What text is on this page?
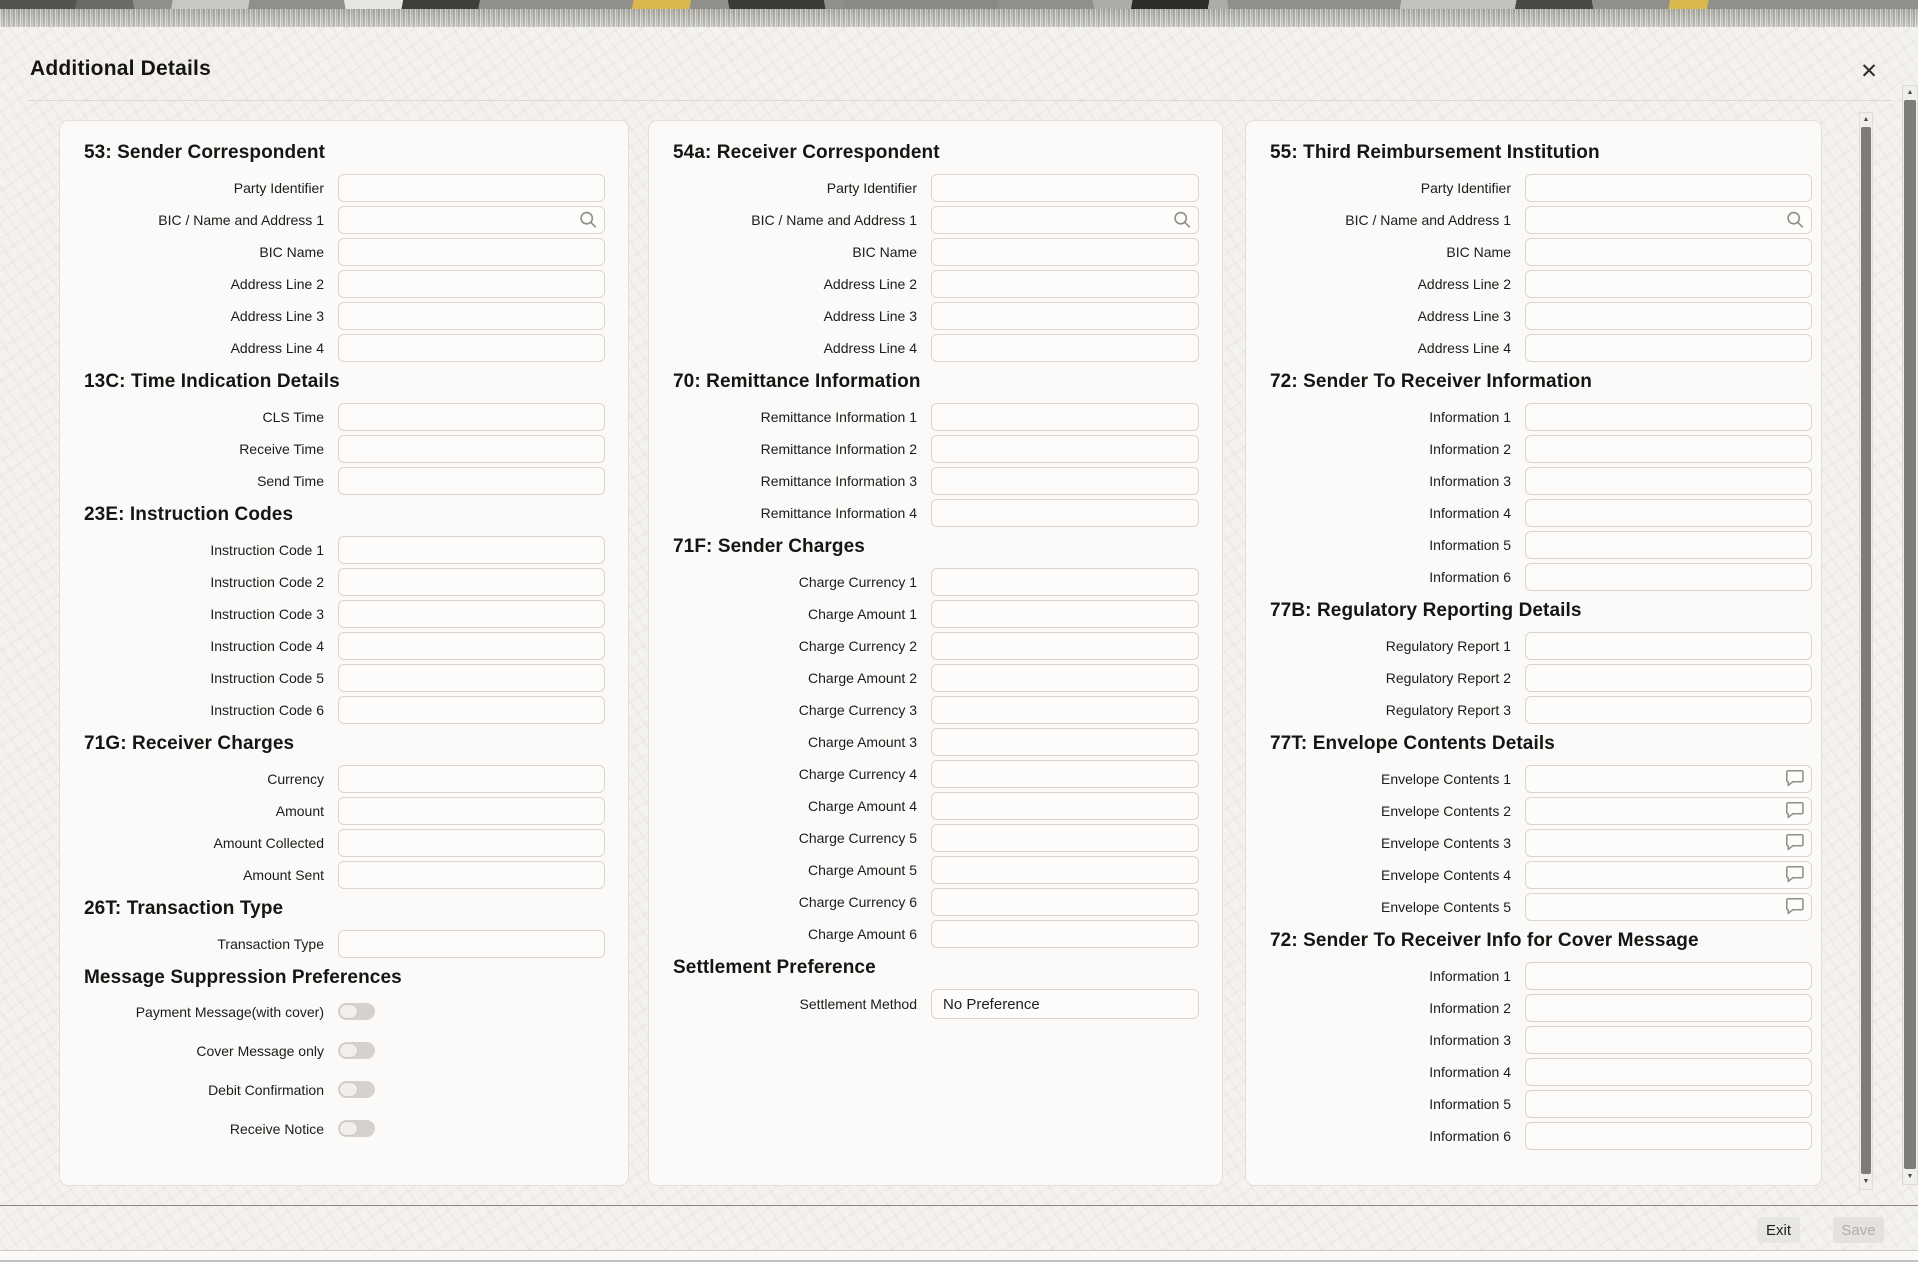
Additional Details	✕
53: Sender Correspondent
Party Identifier
BIC / Name and Address 1
BIC Name
Address Line 2
Address Line 3
Address Line 4
13C: Time Indication Details
CLS Time
Receive Time
Send Time
23E: Instruction Codes
Instruction Code 1
Instruction Code 2
Instruction Code 3
Instruction Code 4
Instruction Code 5
Instruction Code 6
71G: Receiver Charges
Currency
Amount
Amount Collected
Amount Sent
26T: Transaction Type
Transaction Type
Message Suppression Preferences
Payment Message(with cover)
Cover Message only
Debit Confirmation
Receive Notice
54a: Receiver Correspondent
Party Identifier
BIC / Name and Address 1
BIC Name
Address Line 2
Address Line 3
Address Line 4
70: Remittance Information
Remittance Information 1
Remittance Information 2
Remittance Information 3
Remittance Information 4
71F: Sender Charges
Charge Currency 1
Charge Amount 1
Charge Currency 2
Charge Amount 2
Charge Currency 3
Charge Amount 3
Charge Currency 4
Charge Amount 4
Charge Currency 5
Charge Amount 5
Charge Currency 6
Charge Amount 6
Settlement Preference
Settlement Method	No Preference
55: Third Reimbursement Institution
Party Identifier
BIC / Name and Address 1
BIC Name
Address Line 2
Address Line 3
Address Line 4
72: Sender To Receiver Information
Information 1
Information 2
Information 3
Information 4
Information 5
Information 6
77B: Regulatory Reporting Details
Regulatory Report 1
Regulatory Report 2
Regulatory Report 3
77T: Envelope Contents Details
Envelope Contents 1
Envelope Contents 2
Envelope Contents 3
Envelope Contents 4
Envelope Contents 5
72: Sender To Receiver Info for Cover Message
Information 1
Information 2
Information 3
Information 4
Information 5
Information 6
▲
▼
Exit	Save
▲
▼
